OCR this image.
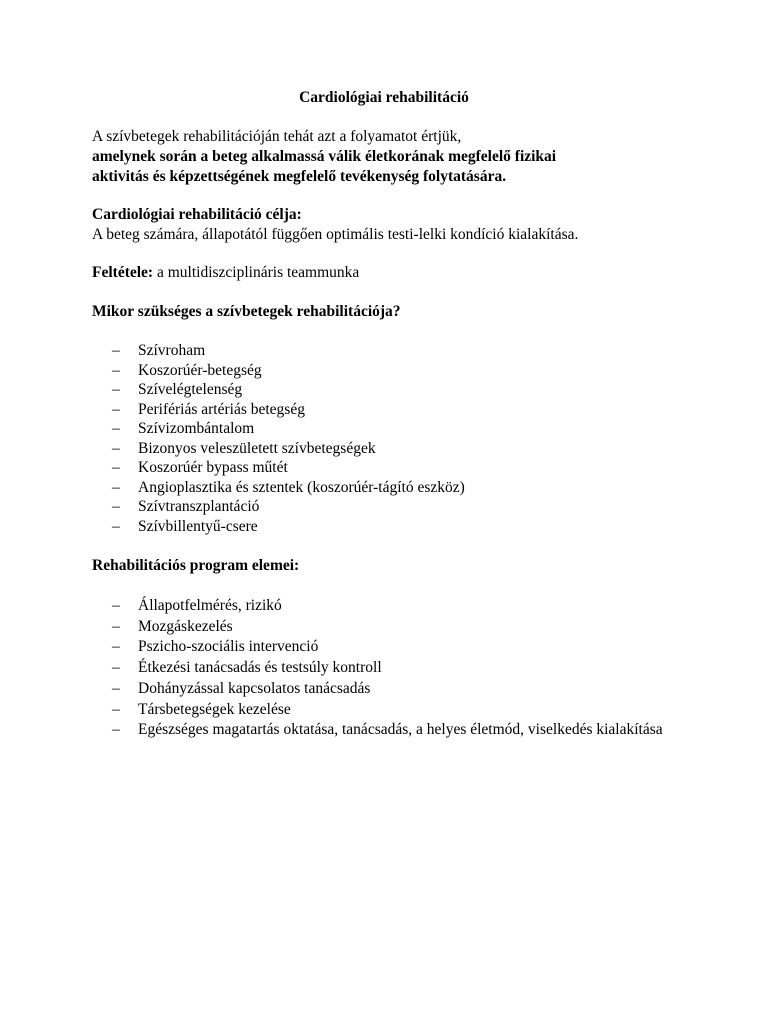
Cardiológiai rehabilitáció
A szívbetegek rehabilitációján tehát azt a folyamatot értjük,
amelynek során a beteg alkalmassá válik életkorának megfelelő fizikai
aktivitás és képzettségének megfelelő tevékenység folytatására.
Cardiológiai rehabilitáció célja:
A beteg számára, állapotától függően optimális testi-lelki kondíció kialakítása.
Feltétele: a multidiszciplináris teammunka
Mikor szükséges a szívbetegek rehabilitációja?
– Szívroham
– Koszorúér-betegség
– Szívelégtelenség
– Perifériás artériás betegség
– Szívizombántalom
– Bizonyos veleszületett szívbetegségek
– Koszorúér bypass műtét
– Angioplasztika és sztentek (koszorúér-tágító eszköz)
– Szívtranszplantáció
– Szívbillentyű-csere
Rehabilitációs program elemei:
– Állapotfelmérés, rizikó
– Mozgáskezelés
– Pszicho-szociális intervenció
– Étkezési tanácsadás és testsúly kontroll
– Dohányzással kapcsolatos tanácsadás
– Társbetegségek kezelése
– Egészséges magatartás oktatása, tanácsadás, a helyes életmód, viselkedés kialakítása
